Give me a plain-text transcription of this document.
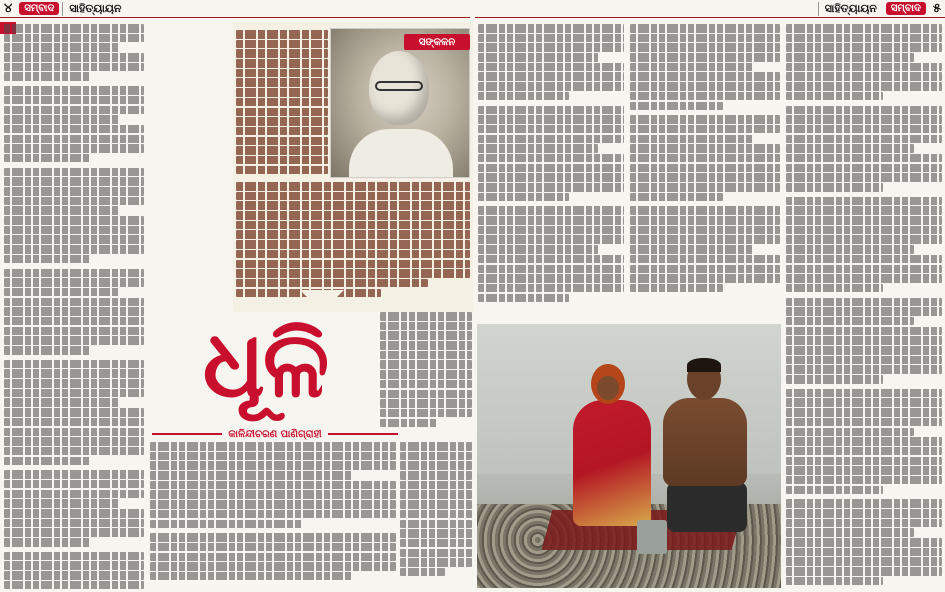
୪	ସମ୍ବାଦ	ସାହିତ୍ୟାୟନ	ସାହିତ୍ୟାୟନ	ସମ୍ବାଦ ୫
ସଙ୍କଳନ
ଧୂଳି
କାଳିନ୍ଦୀଚରଣ ପାଣିଗ୍ରାହୀ
